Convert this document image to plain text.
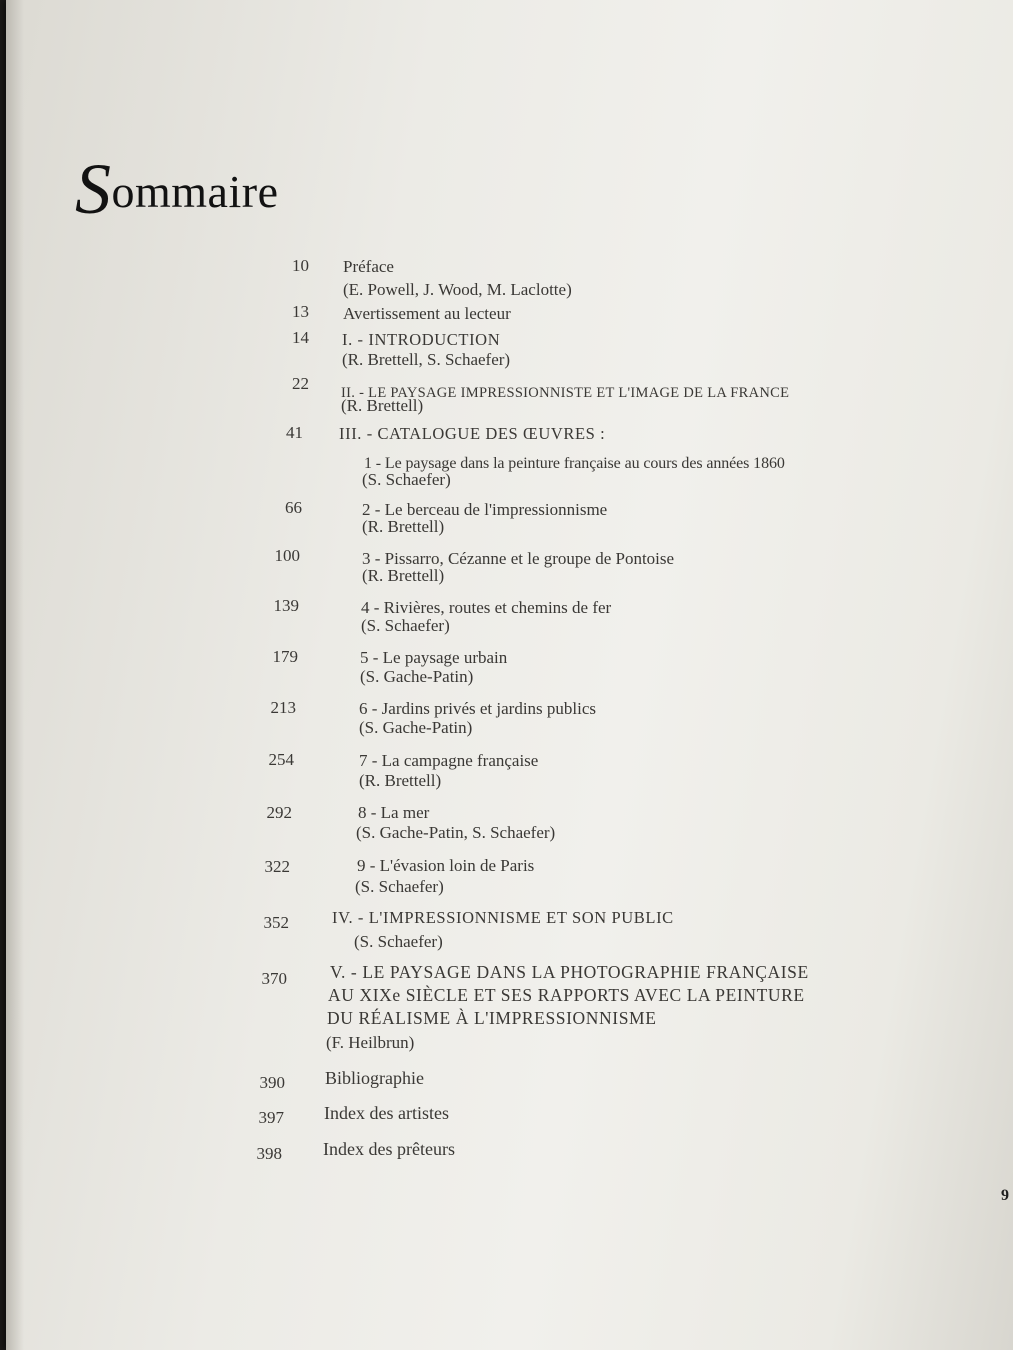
Sommaire
10 Préface
(E. Powell, J. Wood, M. Laclotte)
13 Avertissement au lecteur
14 I. - INTRODUCTION
(R. Brettell, S. Schaefer)
22 II. - LE PAYSAGE IMPRESSIONNISTE ET L'IMAGE DE LA FRANCE
(R. Brettell)
41 III. - CATALOGUE DES ŒUVRES :
1 - Le paysage dans la peinture française au cours des années 1860
(S. Schaefer)
66	2 - Le berceau de l'impressionnisme
(R. Brettell)
100	3 - Pissarro, Cézanne et le groupe de Pontoise
(R. Brettell)
139	4 - Rivières, routes et chemins de fer
(S. Schaefer)
179	5 - Le paysage urbain
(S. Gache-Patin)
213	6 - Jardins privés et jardins publics
(S. Gache-Patin)
254	7 - La campagne française
(R. Brettell)
292	8 - La mer
(S. Gache-Patin, S. Schaefer)
322	9 - L'évasion loin de Paris
(S. Schaefer)
352	IV. - L'IMPRESSIONNISME ET SON PUBLIC
(S. Schaefer)
370 V. - LE PAYSAGE DANS LA PHOTOGRAPHIE FRANÇAISE
AU XIXe SIÈCLE ET SES RAPPORTS AVEC LA PEINTURE
DU RÉALISME À L'IMPRESSIONNISME
(F. Heilbrun)
390 Bibliographie
397 Index des artistes
398 Index des prêteurs
9
